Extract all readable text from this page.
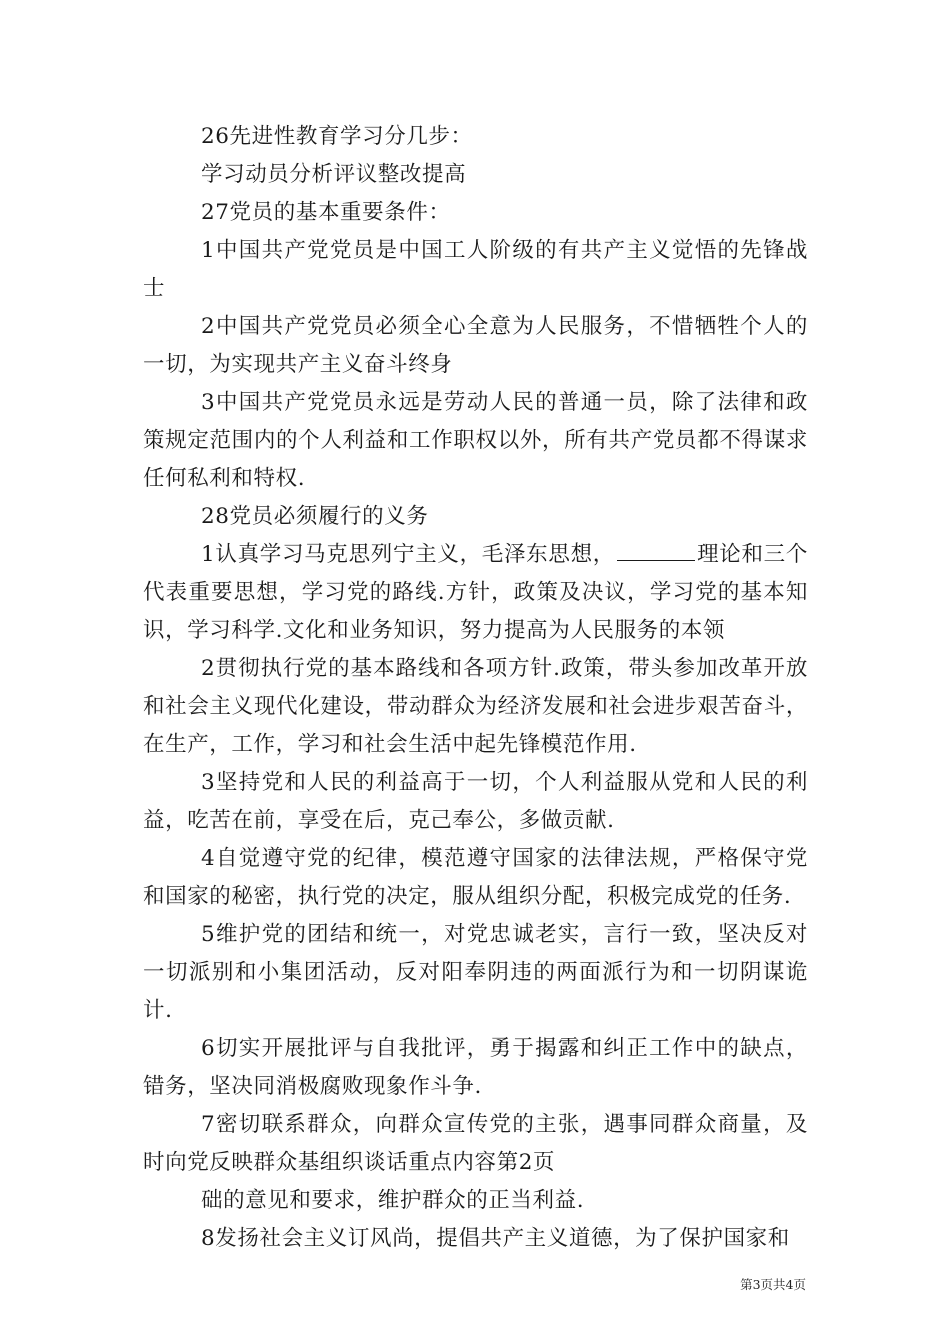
26先进性教育学习分几步：

学习动员分析评议整改提高

27党员的基本重要条件：

1中国共产党党员是中国工人阶级的有共产主义觉悟的先锋战士

2中国共产党党员必须全心全意为人民服务，不惜牺牲个人的一切，为实现共产主义奋斗终身

3中国共产党党员永远是劳动人民的普通一员，除了法律和政策规定范围内的个人利益和工作职权以外，所有共产党员都不得谋求任何私利和特权.

28党员必须履行的义务

1认真学习马克思列宁主义，毛泽东思想，	理论和三个代表重要思想，学习党的路线.方针，政策及决议，学习党的基本知识，学习科学.文化和业务知识，努力提高为人民服务的本领

2贯彻执行党的基本路线和各项方针.政策，带头参加改革开放和社会主义现代化建设，带动群众为经济发展和社会进步艰苦奋斗，在生产，工作，学习和社会生活中起先锋模范作用.

3坚持党和人民的利益高于一切，个人利益服从党和人民的利益，吃苦在前，享受在后，克己奉公，多做贡献.

4自觉遵守党的纪律，模范遵守国家的法律法规，严格保守党和国家的秘密，执行党的决定，服从组织分配，积极完成党的任务.

5维护党的团结和统一，对党忠诚老实，言行一致，坚决反对一切派别和小集团活动，反对阳奉阴违的两面派行为和一切阴谋诡计.

6切实开展批评与自我批评，勇于揭露和纠正工作中的缺点，错务，坚决同消极腐败现象作斗争.

7密切联系群众，向群众宣传党的主张，遇事同群众商量，及时向党反映群众基组织谈话重点内容第2页

础的意见和要求，维护群众的正当利益.

8发扬社会主义订风尚，提倡共产主义道德，为了保护国家和

第3页共4页
